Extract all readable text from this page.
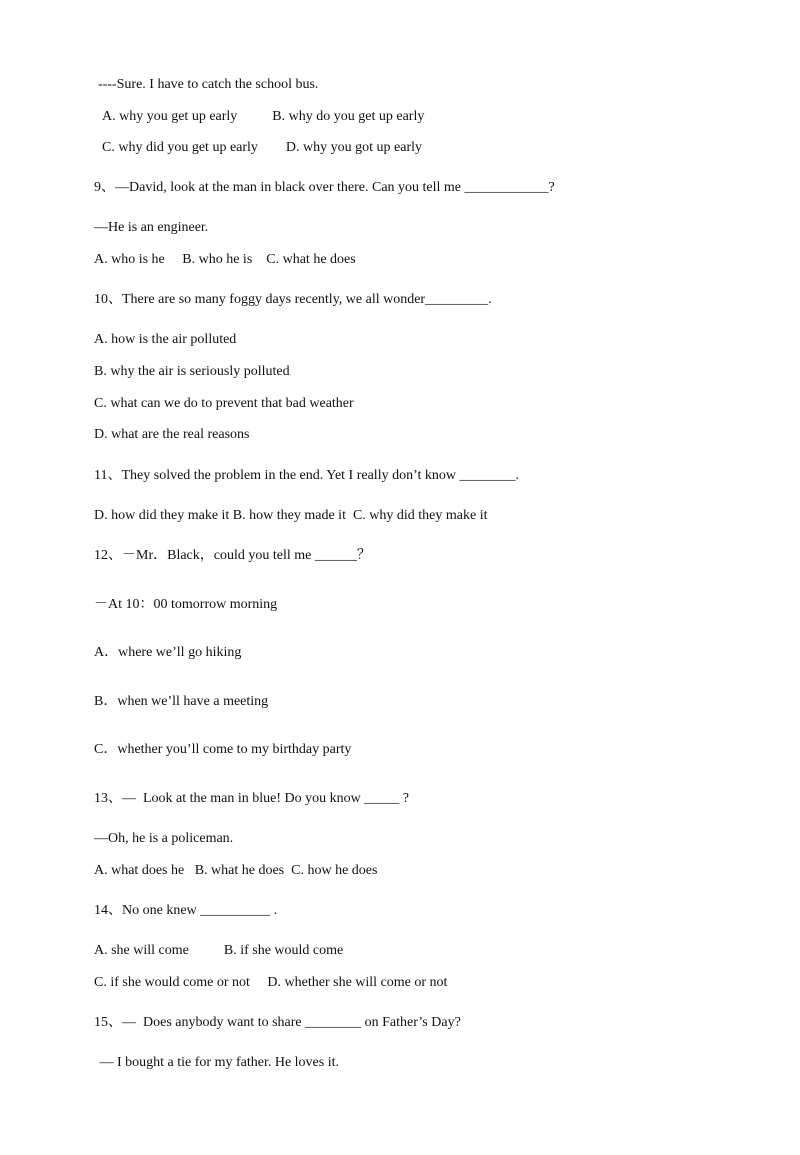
----Sure. I have to catch the school bus.
A. why you get up early          B. why do you get up early
C. why did you get up early        D. why you got up early
9、—David, look at the man in black over there. Can you tell me ____________?
—He is an engineer.
A. who is he     B. who he is    C. what he does
10、There are so many foggy days recently, we all wonder_________.
A. how is the air polluted
B. why the air is seriously polluted
C. what can we do to prevent that bad weather
D. what are the real reasons
11、They solved the problem in the end. Yet I really don’t know ________.
D. how did they make it B. how they made it  C. why did they make it
12、－Mr．Black，could you tell me ______？
－At 10：00 tomorrow morning
A．where we’ll go hiking
B．when we’ll have a meeting
C．whether you’ll come to my birthday party
13、—  Look at the man in blue! Do you know _____ ?
—Oh, he is a policeman.
A. what does he   B. what he does  C. how he does
14、No one knew __________ .
A. she will come          B. if she would come
C. if she would come or not     D. whether she will come or not
15、—  Does anybody want to share ________ on Father’s Day?
— I bought a tie for my father. He loves it.
